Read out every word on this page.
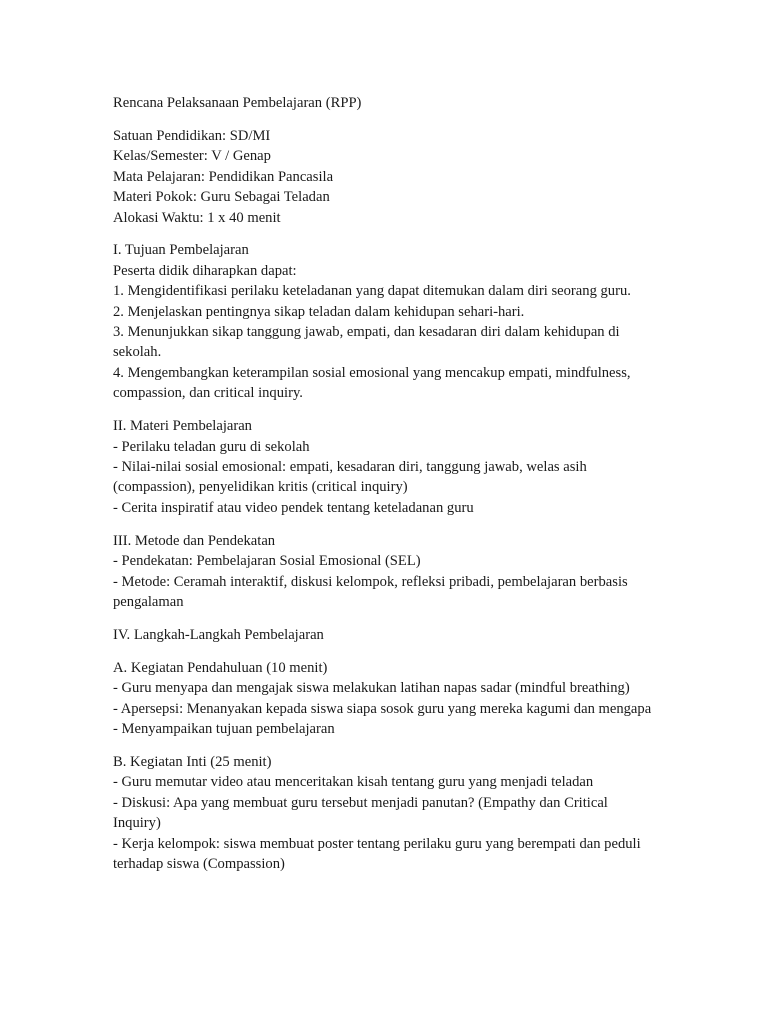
Rencana Pelaksanaan Pembelajaran (RPP)
Satuan Pendidikan: SD/MI
Kelas/Semester: V / Genap
Mata Pelajaran: Pendidikan Pancasila
Materi Pokok: Guru Sebagai Teladan
Alokasi Waktu: 1 x 40 menit
I. Tujuan Pembelajaran
Peserta didik diharapkan dapat:
1. Mengidentifikasi perilaku keteladanan yang dapat ditemukan dalam diri seorang guru.
2. Menjelaskan pentingnya sikap teladan dalam kehidupan sehari-hari.
3. Menunjukkan sikap tanggung jawab, empati, dan kesadaran diri dalam kehidupan di sekolah.
4. Mengembangkan keterampilan sosial emosional yang mencakup empati, mindfulness, compassion, dan critical inquiry.
II. Materi Pembelajaran
- Perilaku teladan guru di sekolah
- Nilai-nilai sosial emosional: empati, kesadaran diri, tanggung jawab, welas asih (compassion), penyelidikan kritis (critical inquiry)
- Cerita inspiratif atau video pendek tentang keteladanan guru
III. Metode dan Pendekatan
- Pendekatan: Pembelajaran Sosial Emosional (SEL)
- Metode: Ceramah interaktif, diskusi kelompok, refleksi pribadi, pembelajaran berbasis pengalaman
IV. Langkah-Langkah Pembelajaran
A. Kegiatan Pendahuluan (10 menit)
- Guru menyapa dan mengajak siswa melakukan latihan napas sadar (mindful breathing)
- Apersepsi: Menanyakan kepada siswa siapa sosok guru yang mereka kagumi dan mengapa
- Menyampaikan tujuan pembelajaran
B. Kegiatan Inti (25 menit)
- Guru memutar video atau menceritakan kisah tentang guru yang menjadi teladan
- Diskusi: Apa yang membuat guru tersebut menjadi panutan? (Empathy dan Critical Inquiry)
- Kerja kelompok: siswa membuat poster tentang perilaku guru yang berempati dan peduli terhadap siswa (Compassion)
